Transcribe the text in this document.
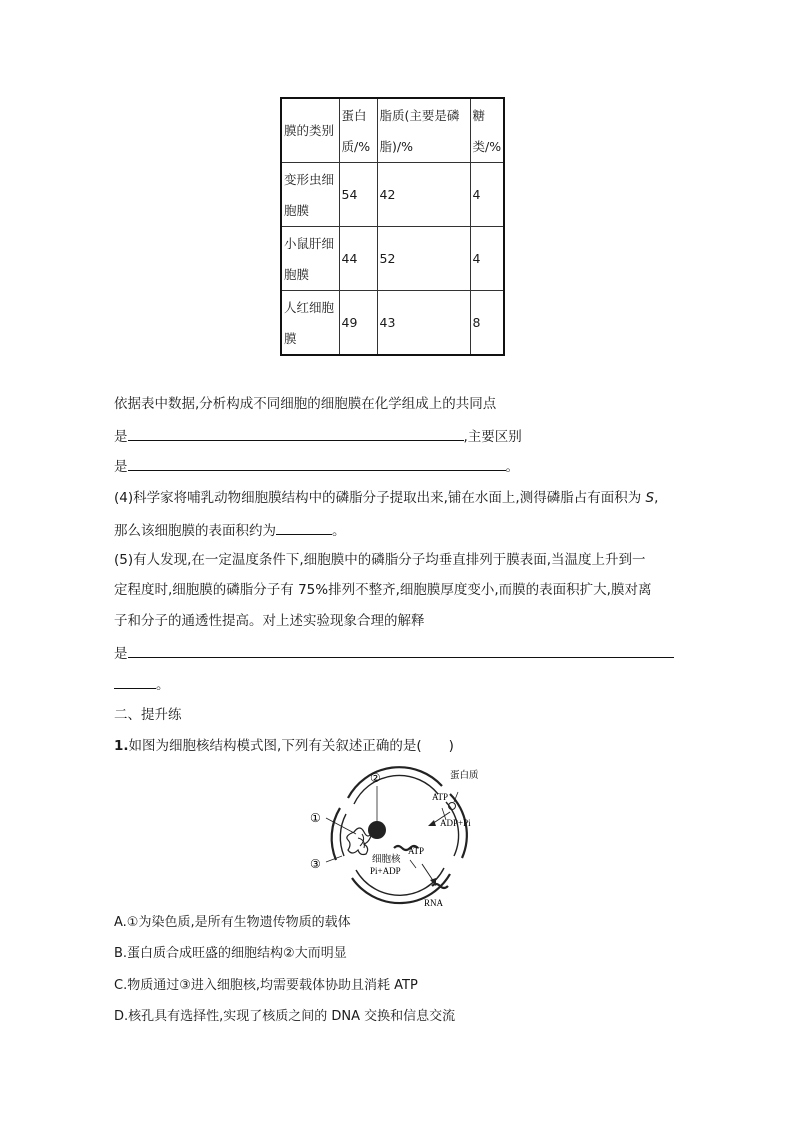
膜的类别	蛋白质/%	脂质(主要是磷脂)/%	糖类/%
变形虫细胞膜	54	42	4
小鼠肝细胞膜	44	52	4
人红细胞膜	49	43	8
依据表中数据,分析构成不同细胞的细胞膜在化学组成上的共同点
是	,主要区别
是	。
(4)科学家将哺乳动物细胞膜结构中的磷脂分子提取出来,铺在水面上,测得磷脂占有面积为 S,
那么该细胞膜的表面积约为	。
(5)有人发现,在一定温度条件下,细胞膜中的磷脂分子均垂直排列于膜表面,当温度上升到一
定程度时,细胞膜的磷脂分子有 75%排列不整齐,细胞膜厚度变小,而膜的表面积扩大,膜对离
子和分子的通透性提高。对上述实验现象合理的解释
是
。
二、提升练
1.如图为细胞核结构模式图,下列有关叙述正确的是(　　)
①
②
③
蛋白质
ATP
ADP+Pi
ATP
细胞核
Pi+ADP
RNA
A.①为染色质,是所有生物遗传物质的载体
B.蛋白质合成旺盛的细胞结构②大而明显
C.物质通过③进入细胞核,均需要载体协助且消耗 ATP
D.核孔具有选择性,实现了核质之间的 DNA 交换和信息交流
